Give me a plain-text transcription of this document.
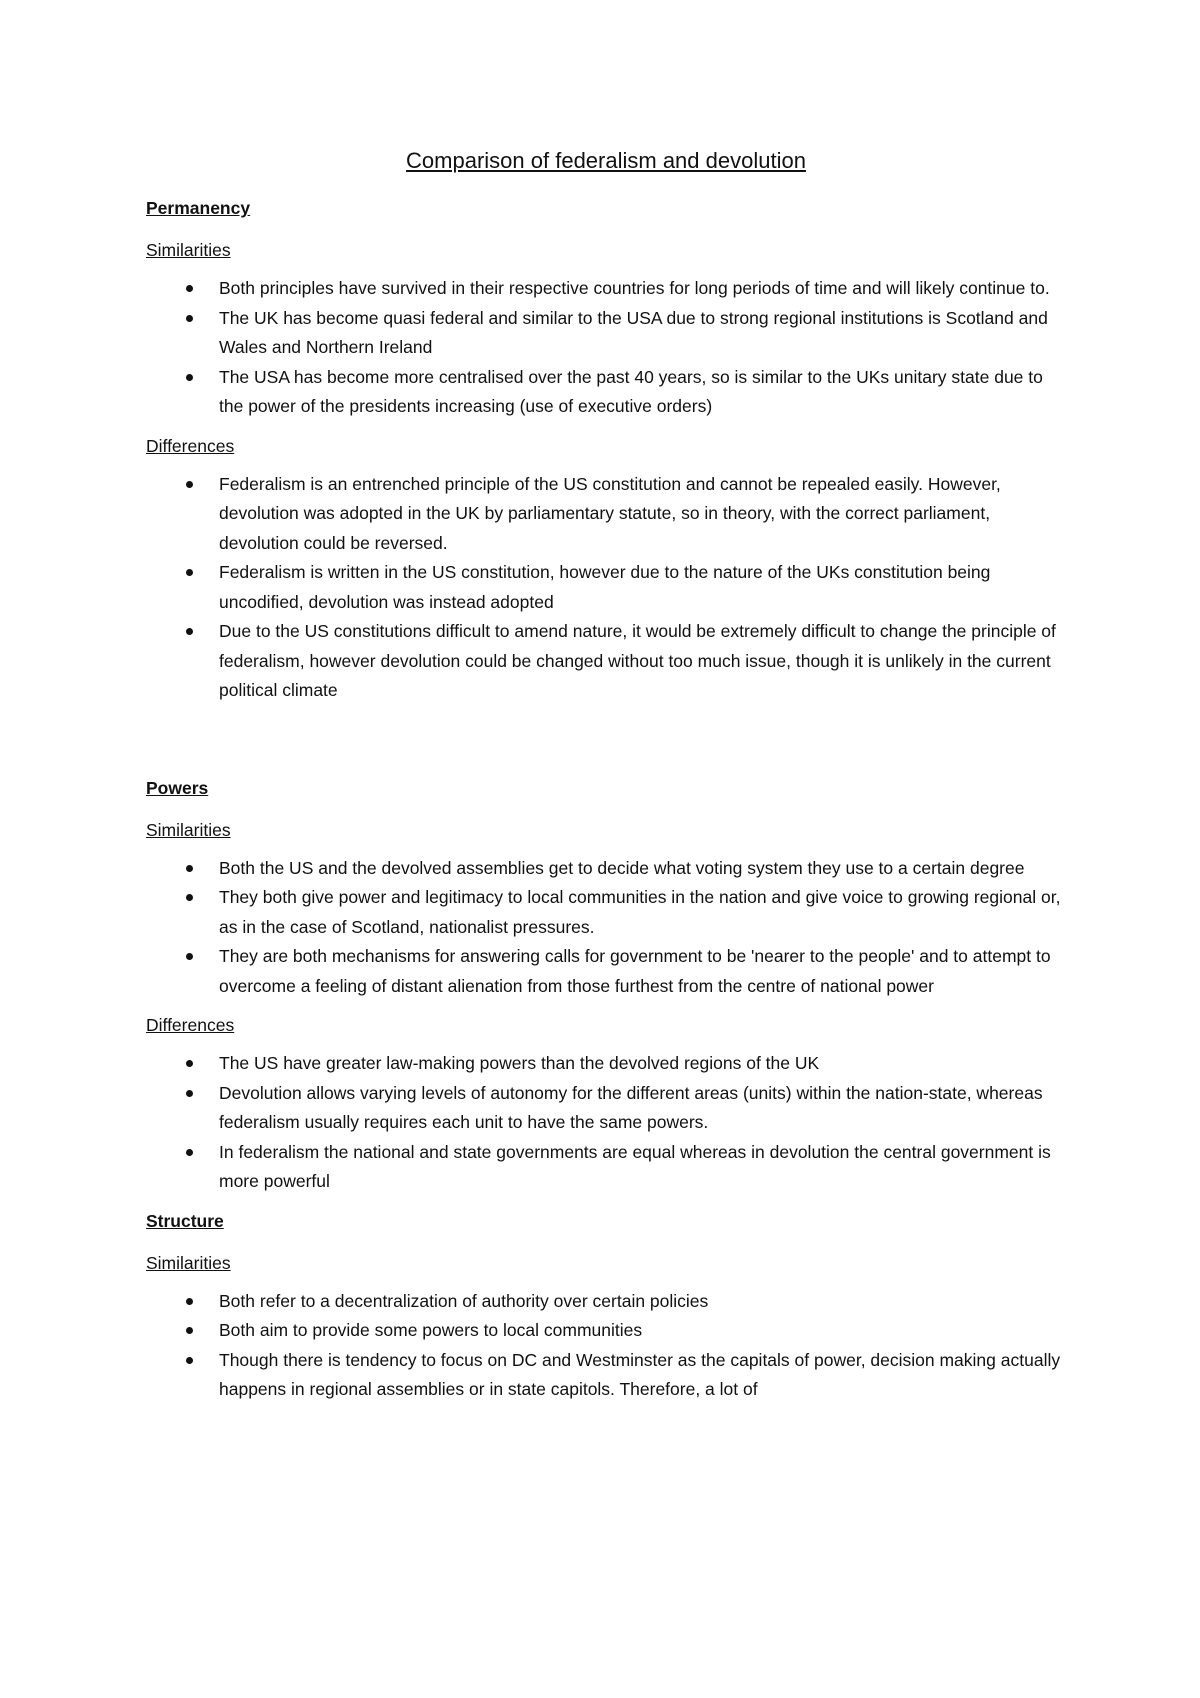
Comparison of federalism and devolution
Permanency
Similarities
Both principles have survived in their respective countries for long periods of time and will likely continue to.
The UK has become quasi federal and similar to the USA due to strong regional institutions is Scotland and Wales and Northern Ireland
The USA has become more centralised over the past 40 years, so is similar to the UKs unitary state due to the power of the presidents increasing (use of executive orders)
Differences
Federalism is an entrenched principle of the US constitution and cannot be repealed easily. However, devolution was adopted in the UK by parliamentary statute, so in theory, with the correct parliament, devolution could be reversed.
Federalism is written in the US constitution, however due to the nature of the UKs constitution being uncodified, devolution was instead adopted
Due to the US constitutions difficult to amend nature, it would be extremely difficult to change the principle of federalism, however devolution could be changed without too much issue, though it is unlikely in the current political climate
Powers
Similarities
Both the US and the devolved assemblies get to decide what voting system they use to a certain degree
They both give power and legitimacy to local communities in the nation and give voice to growing regional or, as in the case of Scotland, nationalist pressures.
They are both mechanisms for answering calls for government to be 'nearer to the people' and to attempt to overcome a feeling of distant alienation from those furthest from the centre of national power
Differences
The US have greater law-making powers than the devolved regions of the UK
Devolution allows varying levels of autonomy for the different areas (units) within the nation-state, whereas federalism usually requires each unit to have the same powers.
In federalism the national and state governments are equal whereas in devolution the central government is more powerful
Structure
Similarities
Both refer to a decentralization of authority over certain policies
Both aim to provide some powers to local communities
Though there is tendency to focus on DC and Westminster as the capitals of power, decision making actually happens in regional assemblies or in state capitols. Therefore, a lot of
